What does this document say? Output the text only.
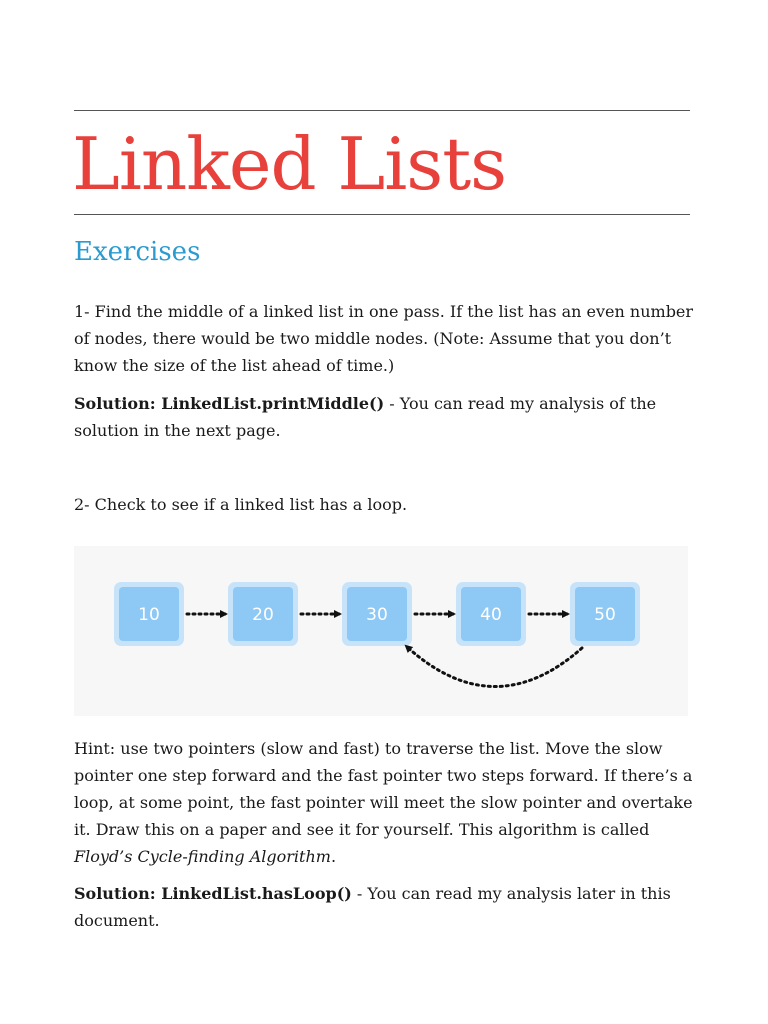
Linked Lists
Exercises

1- Find the middle of a linked list in one pass. If the list has an even number of nodes, there would be two middle nodes. (Note: Assume that you don’t know the size of the list ahead of time.)

Solution: LinkedList.printMiddle() - You can read my analysis of the solution in the next page.

2- Check to see if a linked list has a loop.

10	20	30	40	50

Hint: use two pointers (slow and fast) to traverse the list. Move the slow pointer one step forward and the fast pointer two steps forward. If there’s a loop, at some point, the fast pointer will meet the slow pointer and overtake it. Draw this on a paper and see it for yourself. This algorithm is called Floyd’s Cycle-finding Algorithm.

Solution: LinkedList.hasLoop() - You can read my analysis later in this document.
